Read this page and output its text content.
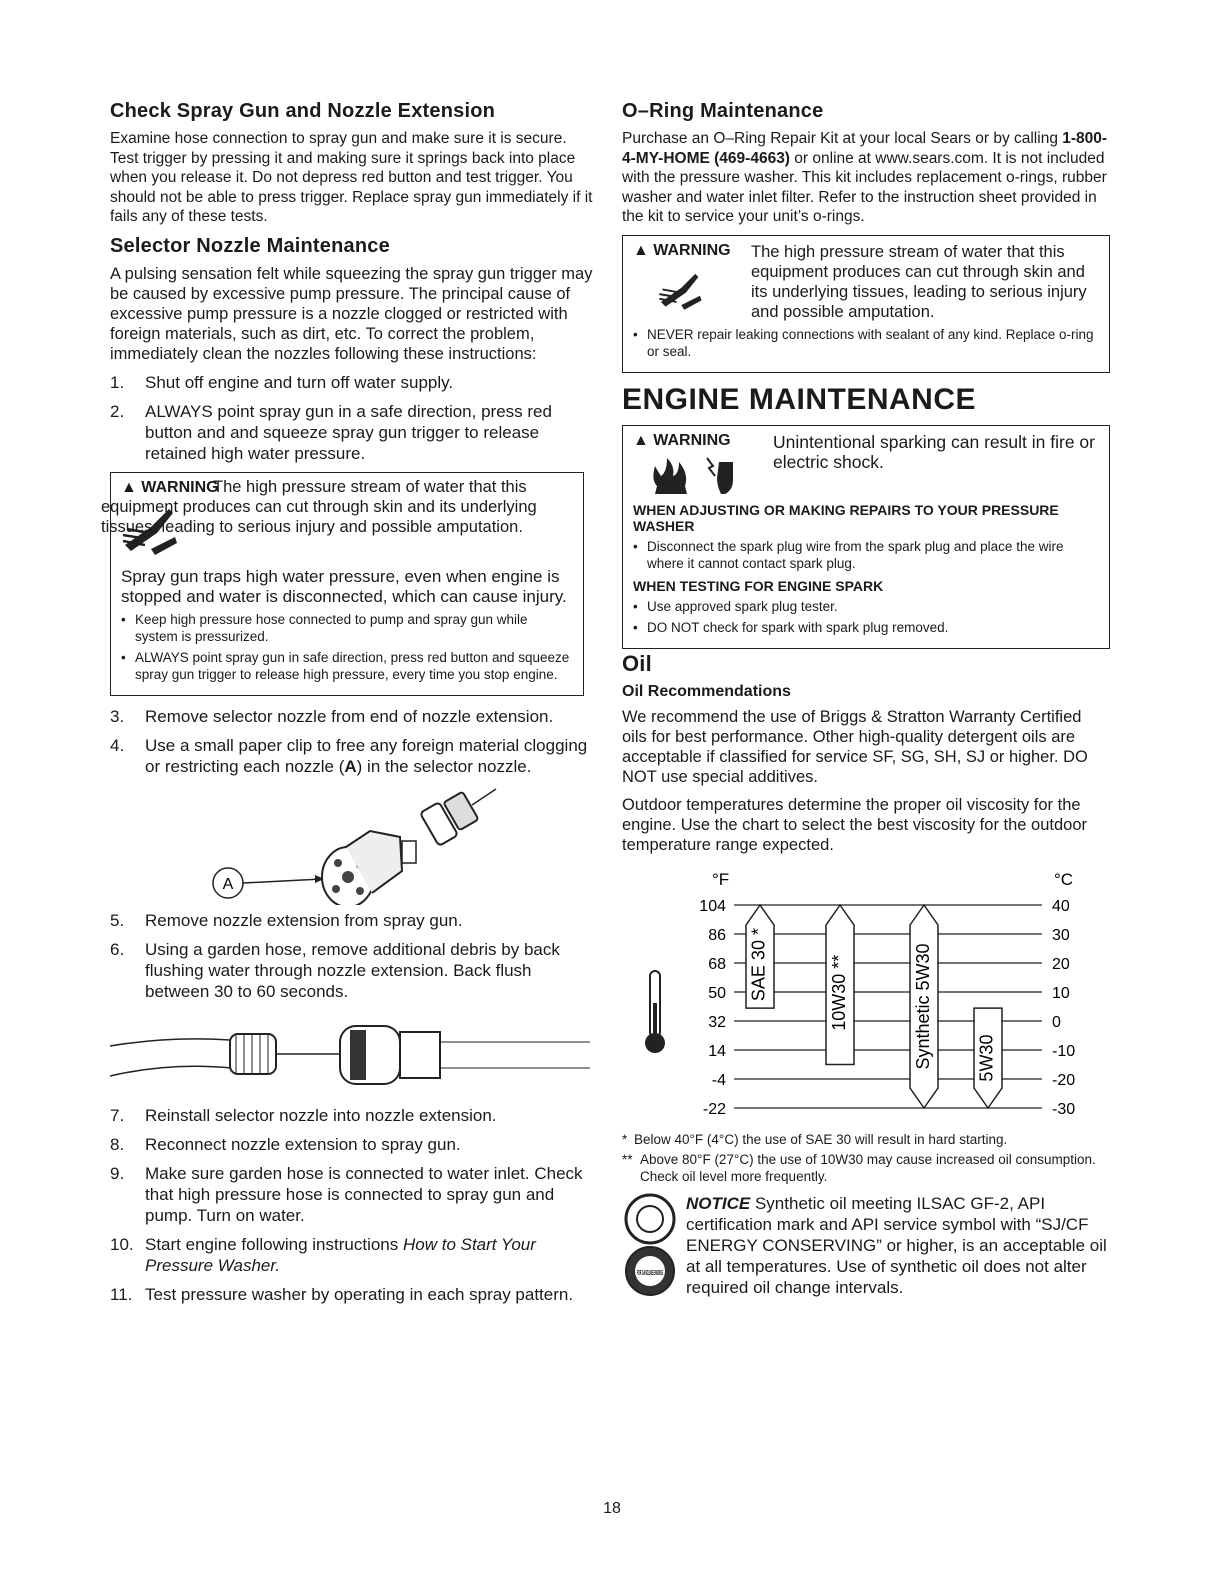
Check Spray Gun and Nozzle Extension

Examine hose connection to spray gun and make sure it is secure. Test trigger by pressing it and making sure it springs back into place when you release it. Do not depress red button and test trigger. You should not be able to press trigger. Replace spray gun immediately if it fails any of these tests.

Selector Nozzle Maintenance

A pulsing sensation felt while squeezing the spray gun trigger may be caused by excessive pump pressure. The principal cause of excessive pump pressure is a nozzle clogged or restricted with foreign materials, such as dirt, etc. To correct the problem, immediately clean the nozzles following these instructions:

1.	Shut off engine and turn off water supply.
2.	ALWAYS point spray gun in a safe direction, press red button and and squeeze spray gun trigger to release retained high water pressure.
▲ WARNING
The high pressure stream of water that this equipment produces can cut through skin and its underlying tissues, leading to serious injury and possible amputation.
Spray gun traps high water pressure, even when engine is stopped and water is disconnected, which can cause injury.
• Keep high pressure hose connected to pump and spray gun while system is pressurized.
• ALWAYS point spray gun in safe direction, press red button and squeeze spray gun trigger to release high pressure, every time you stop engine.
3.	Remove selector nozzle from end of nozzle extension.
4.	Use a small paper clip to free any foreign material clogging or restricting each nozzle (A) in the selector nozzle.
A
5.	Remove nozzle extension from spray gun.
6.	Using a garden hose, remove additional debris by back flushing water through nozzle extension. Back flush between 30 to 60 seconds.
7.	Reinstall selector nozzle into nozzle extension.
8.	Reconnect nozzle extension to spray gun.
9.	Make sure garden hose is connected to water inlet. Check that high pressure hose is connected to spray gun and pump. Turn on water.
10. Start engine following instructions How to Start Your Pressure Washer.
11. Test pressure washer by operating in each spray pattern.
O–Ring Maintenance

Purchase an O–Ring Repair Kit at your local Sears or by calling 1-800-4-MY-HOME (469-4663) or online at www.sears.com. It is not included with the pressure washer. This kit includes replacement o-rings, rubber washer and water inlet filter. Refer to the instruction sheet provided in the kit to service your unit’s o-rings.

▲ WARNING	The high pressure stream of water that this equipment produces can cut through skin and its underlying tissues, leading to serious injury and possible amputation.
• NEVER repair leaking connections with sealant of any kind. Replace o-ring or seal.
ENGINE MAINTENANCE
▲ WARNING	Unintentional sparking can result in fire or electric shock.
WHEN ADJUSTING OR MAKING REPAIRS TO YOUR PRESSURE WASHER
• Disconnect the spark plug wire from the spark plug and place the wire where it cannot contact spark plug.
WHEN TESTING FOR ENGINE SPARK
• Use approved spark plug tester.
• DO NOT check for spark with spark plug removed.
Oil
Oil Recommendations

We recommend the use of Briggs & Stratton Warranty Certified oils for best performance. Other high-quality detergent oils are acceptable if classified for service SF, SG, SH, SJ or higher. DO NOT use special additives.

Outdoor temperatures determine the proper oil viscosity for the engine. Use the chart to select the best viscosity for the outdoor temperature range expected.

°F	°C
104
86
68
50
32
14
-4
-22
40
30
20
10
0
-10
-20
-30
SAE 30 *	10W30 **	Synthetic 5W30 5W30
* Below 40°F (4°C) the use of SAE 30 will result in hard starting.
** Above 80°F (27°C) the use of 10W30 may cause increased oil consumption. Check oil level more frequently.
FOR GASOLINE ENGINES
NOTICE Synthetic oil meeting ILSAC GF-2, API certification mark and API service symbol with “SJ/CF ENERGY CONSERVING” or higher, is an acceptable oil at all temperatures. Use of synthetic oil does not alter required oil change intervals.
18
